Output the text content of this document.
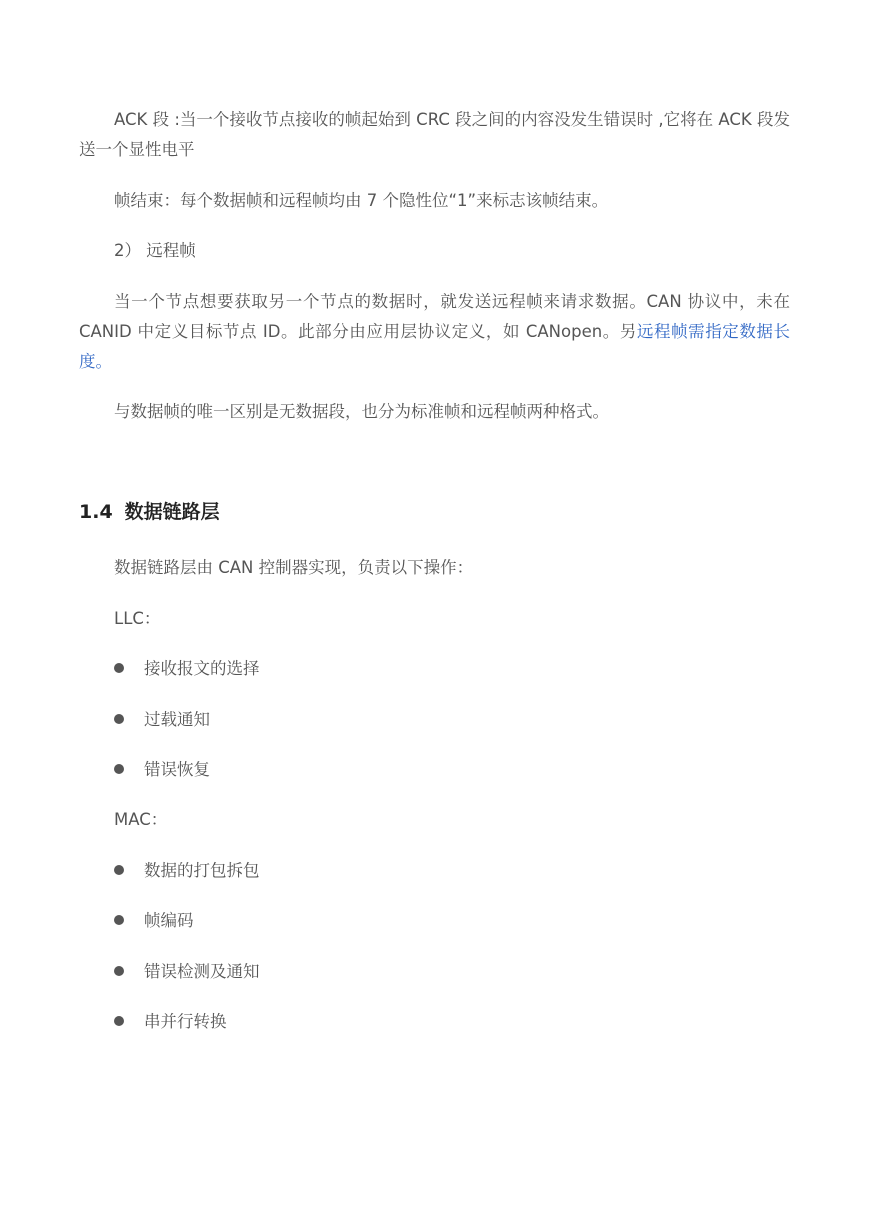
ACK 段 :当一个接收节点接收的帧起始到 CRC 段之间的内容没发生错误时 ,它将在 ACK 段发送一个显性电平

帧结束：每个数据帧和远程帧均由 7 个隐性位“1”来标志该帧结束。

2） 远程帧

当一个节点想要获取另一个节点的数据时，就发送远程帧来请求数据。CAN 协议中，未在 CANID 中定义目标节点 ID。此部分由应用层协议定义，如 CANopen。另远程帧需指定数据长度。

与数据帧的唯一区别是无数据段，也分为标准帧和远程帧两种格式。

1.4 数据链路层

数据链路层由 CAN 控制器实现，负责以下操作：

LLC：
接收报文的选择
过载通知
错误恢复
MAC：
数据的打包拆包
帧编码
错误检测及通知
串并行转换
